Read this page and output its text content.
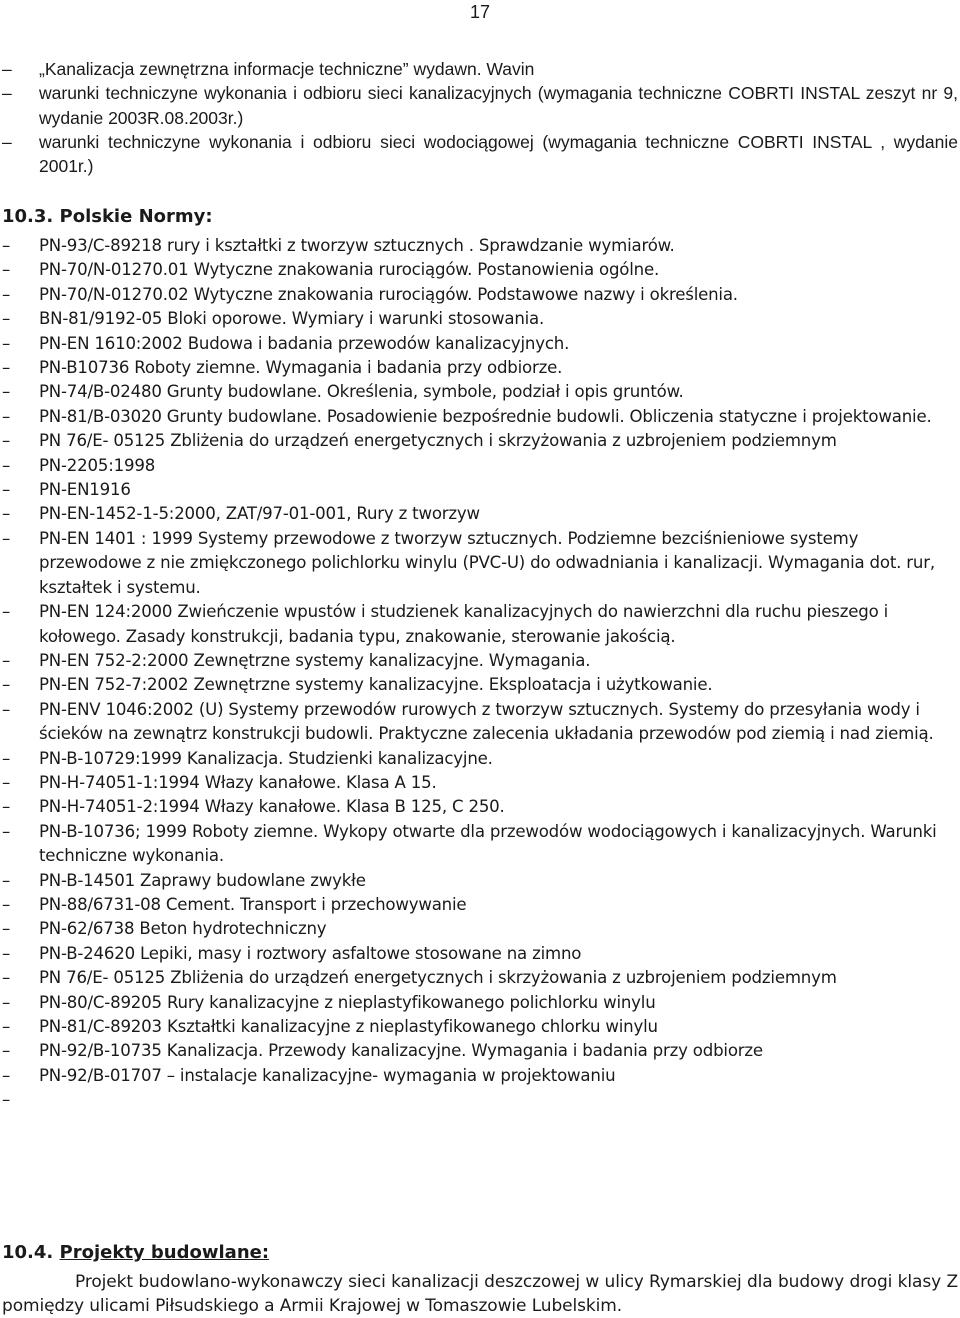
17
– „Kanalizacja zewnętrzna informacje techniczne” wydawn. Wavin
– warunki techniczyne wykonania i odbioru sieci kanalizacyjnych (wymagania techniczne COBRTI INSTAL zeszyt nr 9, wydanie 2003R.08.2003r.)
– warunki techniczyne wykonania i odbioru sieci wodociągowej (wymagania techniczne COBRTI INSTAL , wydanie 2001r.)
10.3. Polskie Normy:
– PN-93/C-89218 rury i kształtki z tworzyw sztucznych . Sprawdzanie wymiarów.
– PN-70/N-01270.01 Wytyczne znakowania rurociągów. Postanowienia ogólne.
– PN-70/N-01270.02 Wytyczne znakowania rurociągów. Podstawowe nazwy i określenia.
– BN-81/9192-05 Bloki oporowe. Wymiary i warunki stosowania.
– PN-EN 1610:2002 Budowa i badania przewodów kanalizacyjnych.
– PN-B10736 Roboty ziemne. Wymagania i badania przy odbiorze.
– PN-74/B-02480 Grunty budowlane. Określenia, symbole, podział i opis gruntów.
– PN-81/B-03020 Grunty budowlane. Posadowienie bezpośrednie budowli. Obliczenia statyczne i projektowanie.
– PN 76/E- 05125 Zbliżenia do urządzeń energetycznych i skrzyżowania z uzbrojeniem podziemnym
– PN-2205:1998
– PN-EN1916
– PN-EN-1452-1-5:2000, ZAT/97-01-001, Rury z tworzyw
– PN-EN 1401 : 1999 Systemy przewodowe z tworzyw sztucznych. Podziemne bezciśnieniowe systemy przewodowe z nie zmiękczonego polichlorku winylu (PVC-U) do odwadniania i kanalizacji. Wymagania dot. rur, kształtek i systemu.
– PN-EN 124:2000 Zwieńczenie wpustów i studzienek kanalizacyjnych do nawierzchni dla ruchu pieszego i kołowego. Zasady konstrukcji, badania typu, znakowanie, sterowanie jakością.
– PN-EN 752-2:2000 Zewnętrzne systemy kanalizacyjne. Wymagania.
– PN-EN 752-7:2002 Zewnętrzne systemy kanalizacyjne. Eksploatacja i użytkowanie.
– PN-ENV 1046:2002 (U) Systemy przewodów rurowych z tworzyw sztucznych. Systemy do przesyłania wody i ścieków na zewnątrz konstrukcji budowli. Praktyczne zalecenia układania przewodów pod ziemią i nad ziemią.
– PN-B-10729:1999 Kanalizacja. Studzienki kanalizacyjne.
– PN-H-74051-1:1994 Włazy kanałowe. Klasa A 15.
– PN-H-74051-2:1994 Włazy kanałowe. Klasa B 125, C 250.
– PN-B-10736; 1999 Roboty ziemne. Wykopy otwarte dla przewodów wodociągowych i kanalizacyjnych. Warunki techniczne wykonania.
– PN-B-14501 Zaprawy budowlane zwykłe
– PN-88/6731-08 Cement. Transport i przechowywanie
– PN-62/6738 Beton hydrotechniczny
– PN-B-24620 Lepiki, masy i roztwory asfaltowe stosowane na zimno
– PN 76/E- 05125 Zbliżenia do urządzeń energetycznych i skrzyżowania z uzbrojeniem podziemnym
– PN-80/C-89205 Rury kanalizacyjne z nieplastyfikowanego polichlorku winylu
– PN-81/C-89203 Kształtki kanalizacyjne z nieplastyfikowanego chlorku winylu
– PN-92/B-10735 Kanalizacja. Przewody kanalizacyjne. Wymagania i badania przy odbiorze
– PN-92/B-01707 – instalacje kanalizacyjne- wymagania w projektowaniu
–

10.4. Projekty budowlane:
Projekt budowlano-wykonawczy sieci kanalizacji deszczowej w ulicy Rymarskiej dla budowy drogi klasy Z pomiędzy ulicami Piłsudskiego a Armii Krajowej w Tomaszowie Lubelskim.
